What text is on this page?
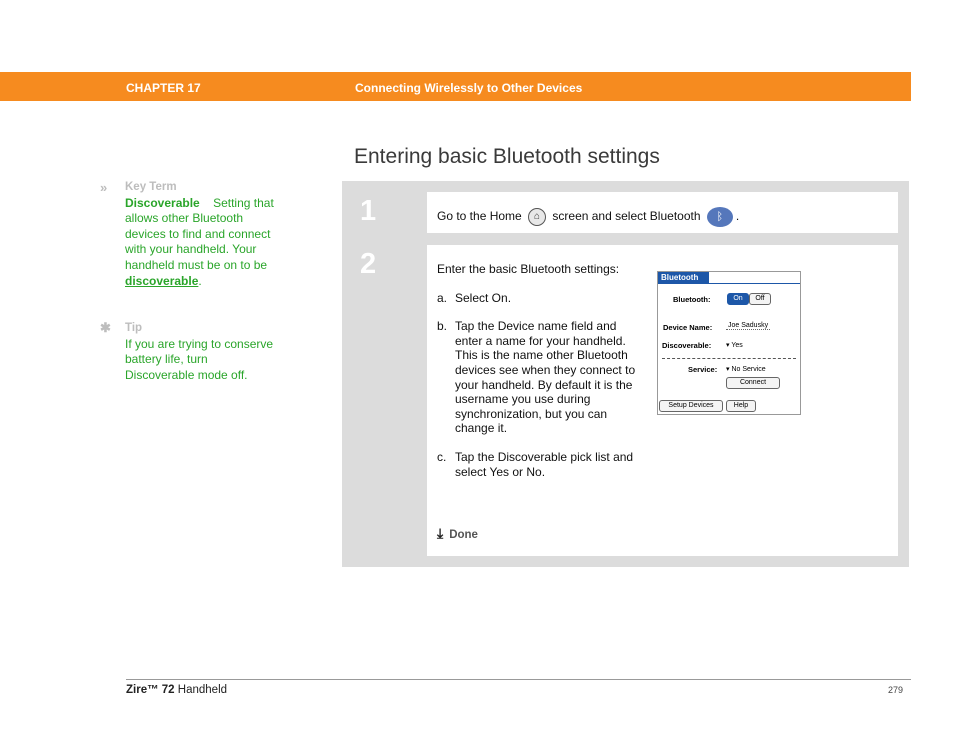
CHAPTER 17	Connecting Wirelessly to Other Devices
Entering basic Bluetooth settings
»	Key Term
Discoverable Setting that allows other Bluetooth devices to find and connect with your handheld. Your handheld must be on to be discoverable.
✱	Tip
If you are trying to conserve battery life, turn Discoverable mode off.
1	Go to the Home ⌂ screen and select Bluetooth ᛒ .
2	Enter the basic Bluetooth settings:

a. Select On.

b. Tap the Device name field and enter a name for your handheld. This is the name other Bluetooth devices see when they connect to your handheld. By default it is the username you use during synchronization, but you can change it.

c. Tap the Discoverable pick list and select Yes or No.

⤓ Done
Bluetooth
Bluetooth:	On	Off
Device Name: Joe Sadusky
Discoverable: ▾ Yes
Service: ▾ No Service
Connect
Setup Devices	Help
Zire™ 72 Handheld	279
